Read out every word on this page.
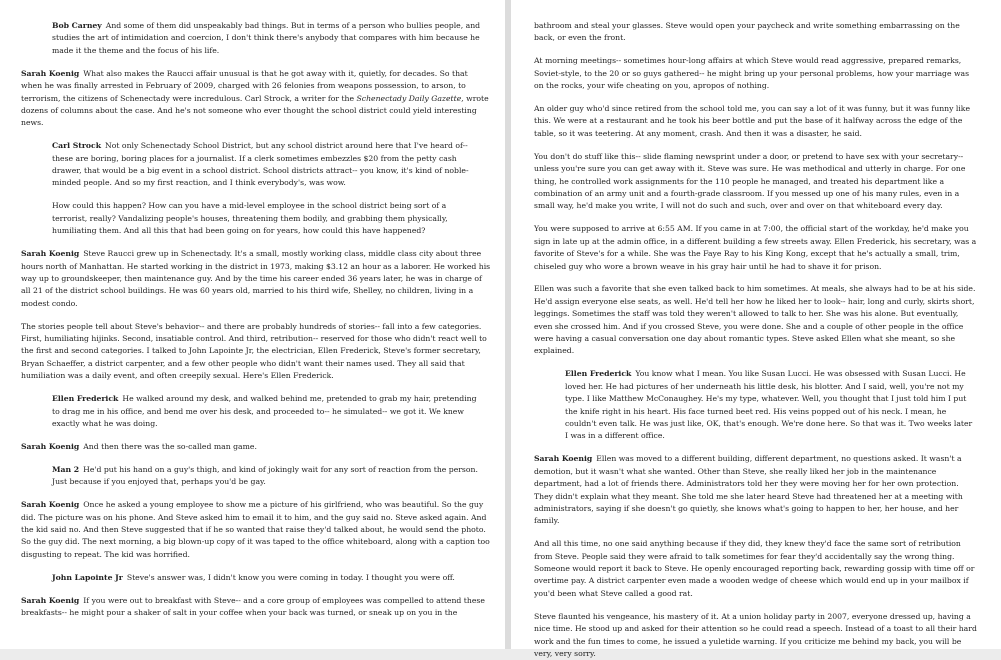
Bob Carney And some of them did unspeakably bad things. But in terms of a person who bullies people, and studies the art of intimidation and coercion, I don't think there's anybody that compares with him because he made it the theme and the focus of his life.

Sarah Koenig What also makes the Raucci affair unusual is that he got away with it, quietly, for decades. So that when he was finally arrested in February of 2009, charged with 26 felonies from weapons possession, to arson, to terrorism, the citizens of Schenectady were incredulous. Carl Strock, a writer for the Schenectady Daily Gazette, wrote dozens of columns about the case. And he's not someone who ever thought the school district could yield interesting news.

Carl Strock Not only Schenectady School District, but any school district around here that I've heard of-- these are boring, boring places for a journalist. If a clerk sometimes embezzles $20 from the petty cash drawer, that would be a big event in a school district. School districts attract-- you know, it's kind of noble-minded people. And so my first reaction, and I think everybody's, was wow.

How could this happen? How can you have a mid-level employee in the school district being sort of a terrorist, really? Vandalizing people's houses, threatening them bodily, and grabbing them physically, humiliating them. And all this that had been going on for years, how could this have happened?

Sarah Koenig Steve Raucci grew up in Schenectady. It's a small, mostly working class, middle class city about three hours north of Manhattan. He started working in the district in 1973, making $3.12 an hour as a laborer. He worked his way up to groundskeeper, then maintenance guy. And by the time his career ended 36 years later, he was in charge of all 21 of the district school buildings. He was 60 years old, married to his third wife, Shelley, no children, living in a modest condo.

The stories people tell about Steve's behavior-- and there are probably hundreds of stories-- fall into a few categories. First, humiliating hijinks. Second, insatiable control. And third, retribution-- reserved for those who didn't react well to the first and second categories. I talked to John Lapointe Jr, the electrician, Ellen Frederick, Steve's former secretary, Bryan Schaeffer, a district carpenter, and a few other people who didn't want their names used. They all said that humiliation was a daily event, and often creepily sexual. Here's Ellen Frederick.

Ellen Frederick He walked around my desk, and walked behind me, pretended to grab my hair, pretending to drag me in his office, and bend me over his desk, and proceeded to-- he simulated-- we got it. We knew exactly what he was doing.

Sarah Koenig And then there was the so-called man game.

Man 2 He'd put his hand on a guy's thigh, and kind of jokingly wait for any sort of reaction from the person. Just because if you enjoyed that, perhaps you'd be gay.

Sarah Koenig Once he asked a young employee to show me a picture of his girlfriend, who was beautiful. So the guy did. The picture was on his phone. And Steve asked him to email it to him, and the guy said no. Steve asked again. And the kid said no. And then Steve suggested that if he so wanted that raise they'd talked about, he would send the photo. So the guy did. The next morning, a big blown-up copy of it was taped to the office whiteboard, along with a caption too disgusting to repeat. The kid was horrified.

John Lapointe Jr Steve's answer was, I didn't know you were coming in today. I thought you were off.

Sarah Koenig If you were out to breakfast with Steve-- and a core group of employees was compelled to attend these breakfasts-- he might pour a shaker of salt in your coffee when your back was turned, or sneak up on you in the

bathroom and steal your glasses. Steve would open your paycheck and write something embarrassing on the back, or even the front.

At morning meetings-- sometimes hour-long affairs at which Steve would read aggressive, prepared remarks, Soviet-style, to the 20 or so guys gathered-- he might bring up your personal problems, how your marriage was on the rocks, your wife cheating on you, apropos of nothing.

An older guy who'd since retired from the school told me, you can say a lot of it was funny, but it was funny like this. We were at a restaurant and he took his beer bottle and put the base of it halfway across the edge of the table, so it was teetering. At any moment, crash. And then it was a disaster, he said.

You don't do stuff like this-- slide flaming newsprint under a door, or pretend to have sex with your secretary-- unless you're sure you can get away with it. Steve was sure. He was methodical and utterly in charge. For one thing, he controlled work assignments for the 110 people he managed, and treated his department like a combination of an army unit and a fourth-grade classroom. If you messed up one of his many rules, even in a small way, he'd make you write, I will not do such and such, over and over on that whiteboard every day.

You were supposed to arrive at 6:55 AM. If you came in at 7:00, the official start of the workday, he'd make you sign in late up at the admin office, in a different building a few streets away. Ellen Frederick, his secretary, was a favorite of Steve's for a while. She was the Faye Ray to his King Kong, except that he's actually a small, trim, chiseled guy who wore a brown weave in his gray hair until he had to shave it for prison.

Ellen was such a favorite that she even talked back to him sometimes. At meals, she always had to be at his side. He'd assign everyone else seats, as well. He'd tell her how he liked her to look-- hair, long and curly, skirts short, leggings. Sometimes the staff was told they weren't allowed to talk to her. She was his alone. But eventually, even she crossed him. And if you crossed Steve, you were done. She and a couple of other people in the office were having a casual conversation one day about romantic types. Steve asked Ellen what she meant, so she explained.

Ellen Frederick You know what I mean. You like Susan Lucci. He was obsessed with Susan Lucci. He loved her. He had pictures of her underneath his little desk, his blotter. And I said, well, you're not my type. I like Matthew McConaughey. He's my type, whatever. Well, you thought that I just told him I put the knife right in his heart. His face turned beet red. His veins popped out of his neck. I mean, he couldn't even talk. He was just like, OK, that's enough. We're done here. So that was it. Two weeks later I was in a different office.

Sarah Koenig Ellen was moved to a different building, different department, no questions asked. It wasn't a demotion, but it wasn't what she wanted. Other than Steve, she really liked her job in the maintenance department, had a lot of friends there. Administrators told her they were moving her for her own protection. They didn't explain what they meant. She told me she later heard Steve had threatened her at a meeting with administrators, saying if she doesn't go quietly, she knows what's going to happen to her, her house, and her family.

And all this time, no one said anything because if they did, they knew they'd face the same sort of retribution from Steve. People said they were afraid to talk sometimes for fear they'd accidentally say the wrong thing. Someone would report it back to Steve. He openly encouraged reporting back, rewarding gossip with time off or overtime pay. A district carpenter even made a wooden wedge of cheese which would end up in your mailbox if you'd been what Steve called a good rat.

Steve flaunted his vengeance, his mastery of it. At a union holiday party in 2007, everyone dressed up, having a nice time. He stood up and asked for their attention so he could read a speech. Instead of a toast to all their hard work and the fun times to come, he issued a yuletide warning. If you criticize me behind my back, you will be very, very sorry.
